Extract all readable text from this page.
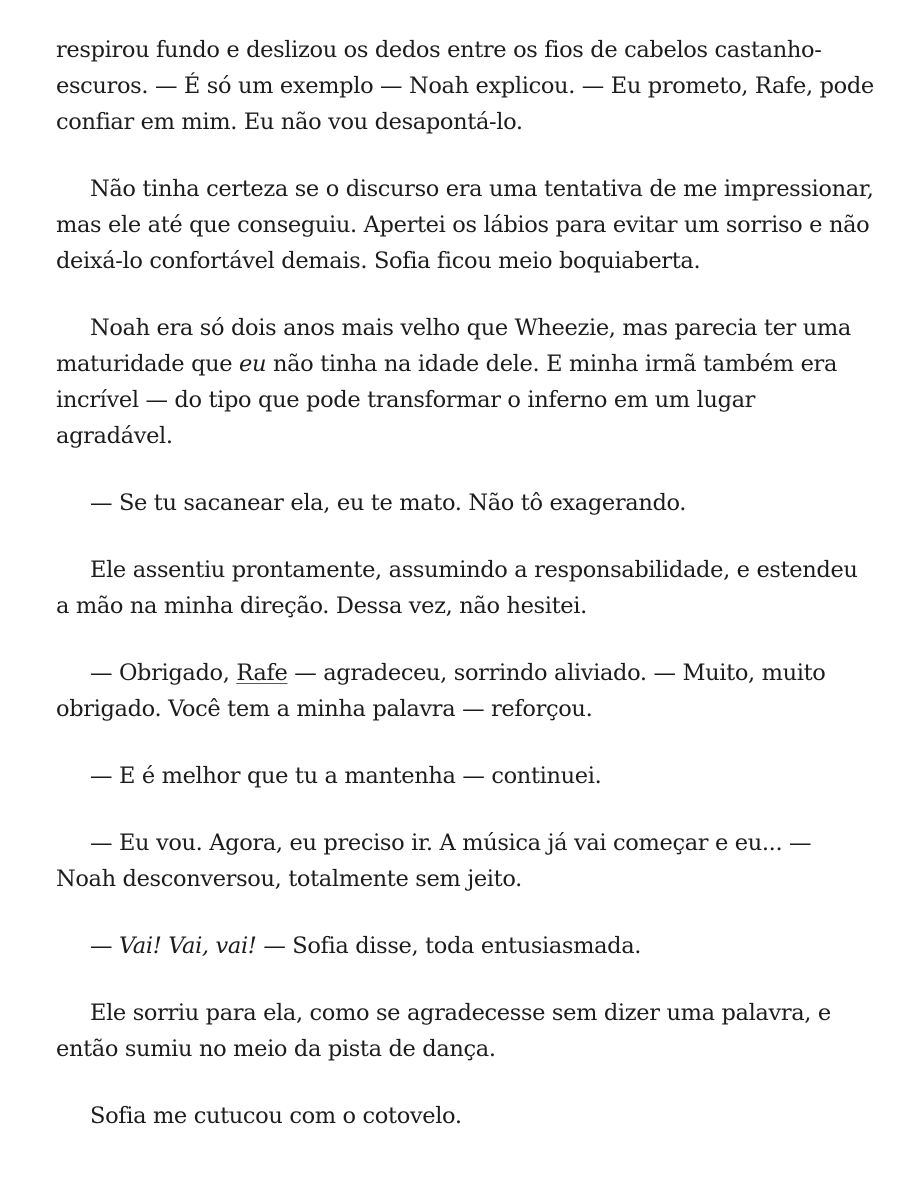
respirou fundo e deslizou os dedos entre os fios de cabelos castanho-escuros. — É só um exemplo — Noah explicou. — Eu prometo, Rafe, pode confiar em mim. Eu não vou desapontá-lo.

Não tinha certeza se o discurso era uma tentativa de me impressionar, mas ele até que conseguiu. Apertei os lábios para evitar um sorriso e não deixá-lo confortável demais. Sofia ficou meio boquiaberta.

Noah era só dois anos mais velho que Wheezie, mas parecia ter uma maturidade que eu não tinha na idade dele. E minha irmã também era incrível — do tipo que pode transformar o inferno em um lugar agradável.

— Se tu sacanear ela, eu te mato. Não tô exagerando.

Ele assentiu prontamente, assumindo a responsabilidade, e estendeu a mão na minha direção. Dessa vez, não hesitei.

— Obrigado, Rafe — agradeceu, sorrindo aliviado. — Muito, muito obrigado. Você tem a minha palavra — reforçou.

— E é melhor que tu a mantenha — continuei.

— Eu vou. Agora, eu preciso ir. A música já vai começar e eu... — Noah desconversou, totalmente sem jeito.

— Vai! Vai, vai! — Sofia disse, toda entusiasmada.

Ele sorriu para ela, como se agradecesse sem dizer uma palavra, e então sumiu no meio da pista de dança.

Sofia me cutucou com o cotovelo.
